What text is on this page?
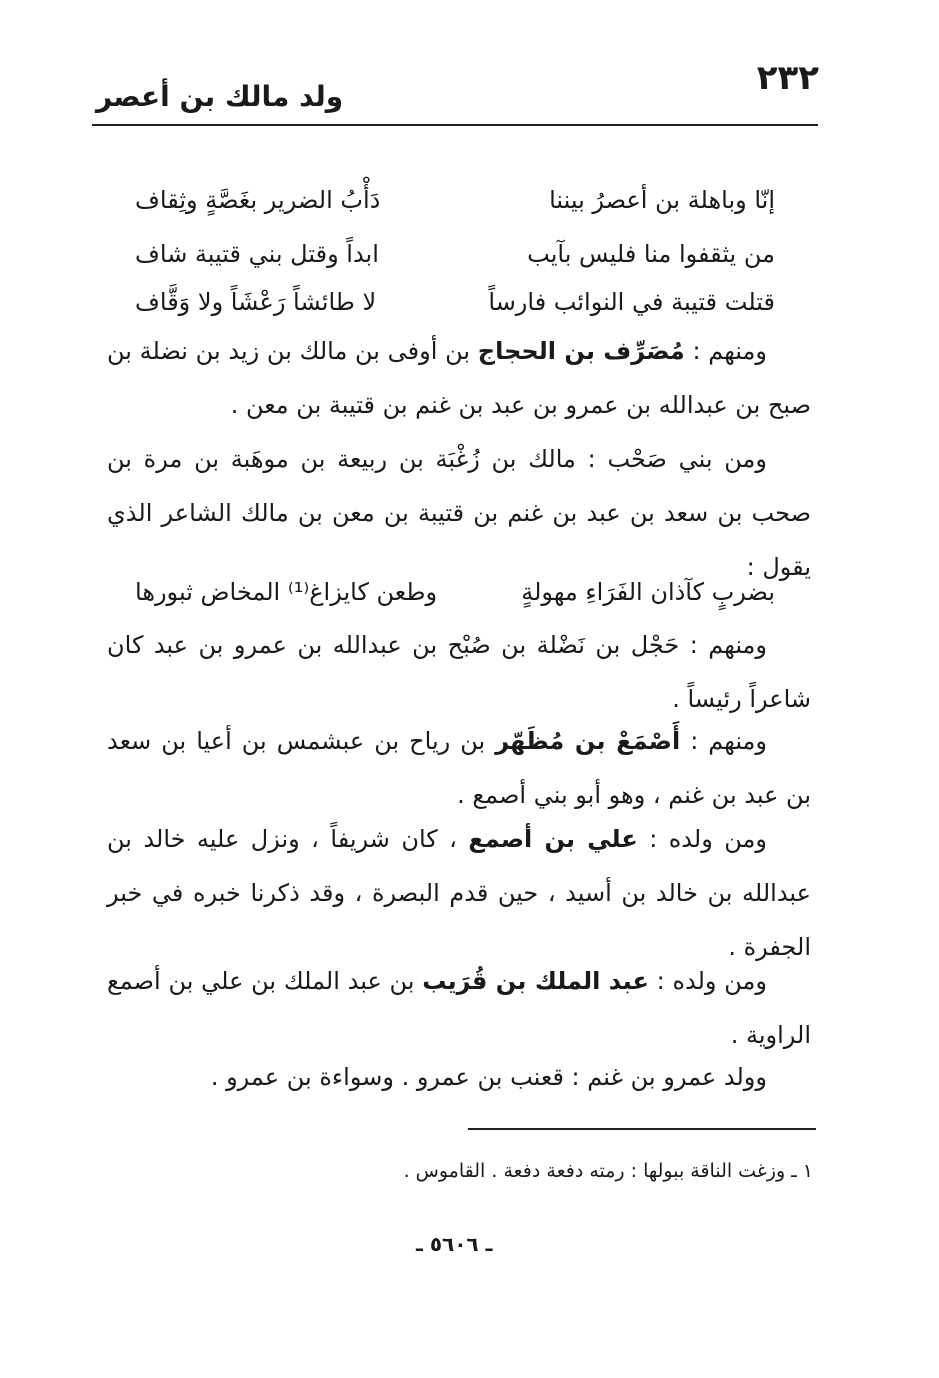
٢٣٢
ولد مالك بن أعصر
إنّا وباهلة بن أعصرُ بيننا
دَأْبُ الضرير بغَصَّةٍ وثِقاف
من يثقفوا منا فليس بآيب
ابداً وقتل بني قتيبة شاف
قتلت قتيبة في النوائب فارساً
لا طائشاً رَعْشَاً ولا وَقَّاف
ومنهم : مُصَرِّف بن الحجاج بن أوفى بن مالك بن زيد بن نضلة بن صبح بن عبدالله بن عمرو بن عبد بن غنم بن قتيبة بن معن .
ومن بني صَحْب : مالك بن زُغْبَة بن ربيعة بن موهَبة بن مرة بن صحب بن سعد بن عبد بن غنم بن قتيبة بن معن بن مالك الشاعر الذي يقول :
بضربٍ كآذان الفَرَاءِ مهولةٍ
وطعن كايزاغ⁽¹⁾ المخاض ثبورها
ومنهم : حَجْل بن نَضْلة بن صُبْح بن عبدالله بن عمرو بن عبد كان شاعراً رئيساً .
ومنهم : أَصْمَعْ بن مُظَهّر بن رياح بن عبشمس بن أعيا بن سعد بن عبد بن غنم ، وهو أبو بني أصمع .
ومن ولده : علي بن أصمع ، كان شريفاً ، ونزل عليه خالد بن عبدالله بن خالد بن أسيد ، حين قدم البصرة ، وقد ذكرنا خبره في خبر الجفرة .
ومن ولده : عبد الملك بن قُرَيب بن عبد الملك بن علي بن أصمع الراوية .
وولد عمرو بن غنم : قعنب بن عمرو . وسواءة بن عمرو .
١ ـ وزغت الناقة ببولها : رمته دفعة دفعة . القاموس .
ـ ٥٦٠٦ ـ
